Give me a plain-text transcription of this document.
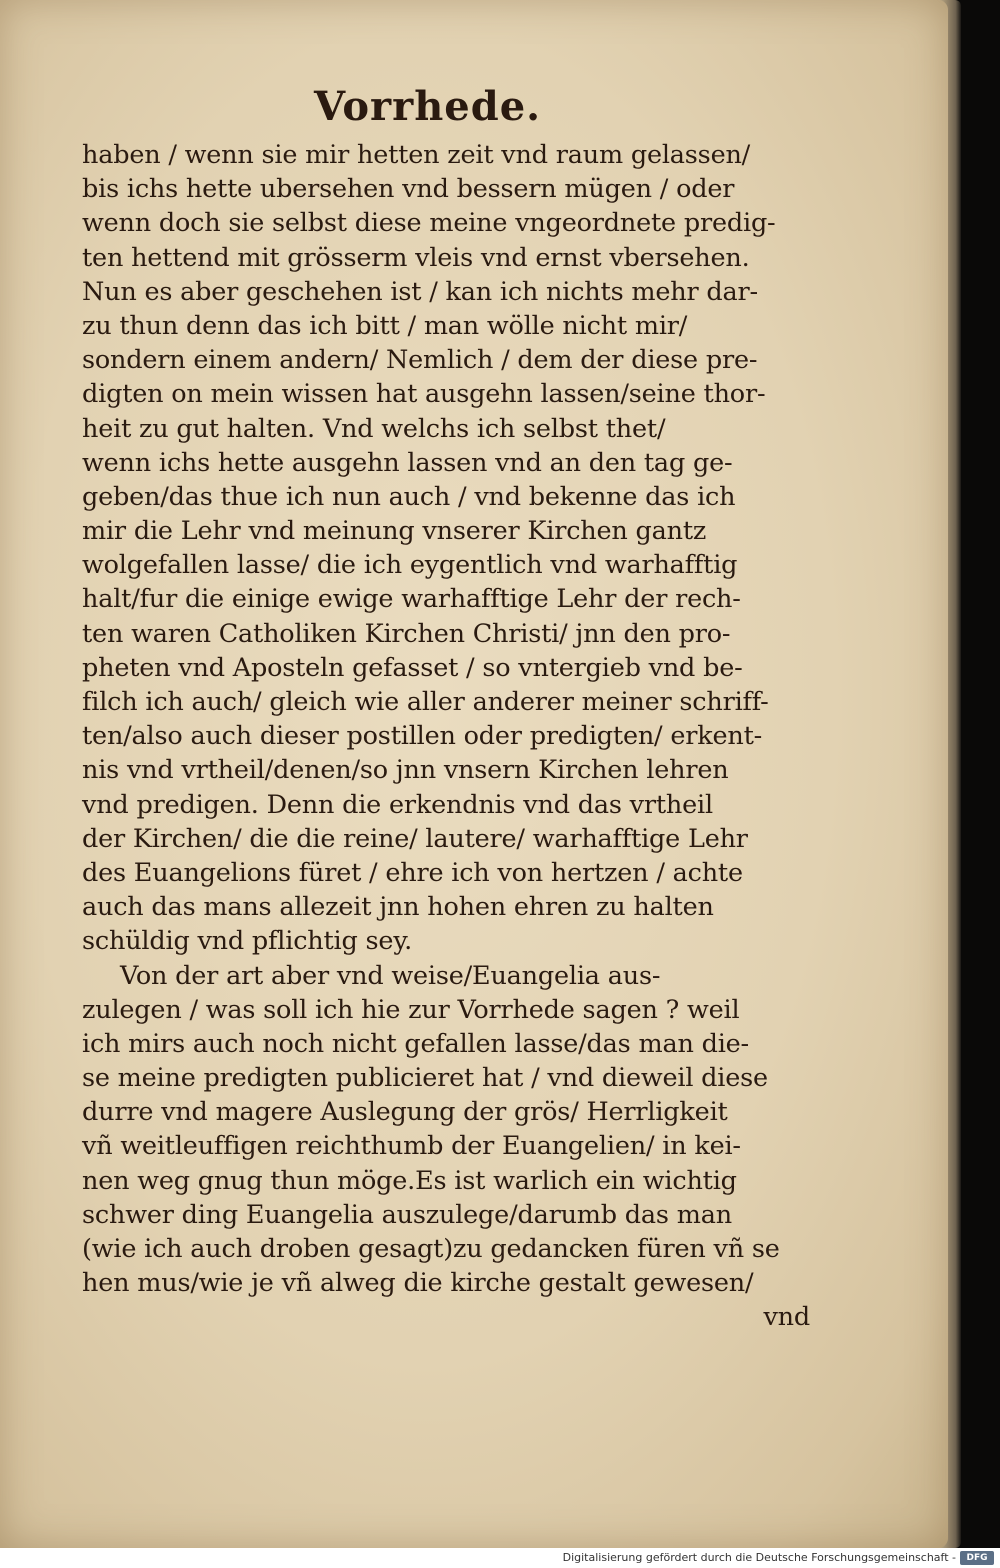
Vorrhede.
haben / wenn sie mir hetten zeit vnd raum gelassen/
bis ichs hette ubersehen vnd bessern mügen / oder
wenn doch sie selbst diese meine vngeordnete predig-
ten hettend mit grösserm vleis vnd ernst vbersehen.
Nun es aber geschehen ist / kan ich nichts mehr dar-
zu thun denn das ich bitt / man wölle nicht mir/
sondern einem andern/ Nemlich / dem der diese pre-
digten on mein wissen hat ausgehn lassen/seine thor-
heit zu gut halten. Vnd welchs ich selbst thet/
wenn ichs hette ausgehn lassen vnd an den tag ge-
geben/das thue ich nun auch / vnd bekenne das ich
mir die Lehr vnd meinung vnserer Kirchen gantz
wolgefallen lasse/ die ich eygentlich vnd warhafftig
halt/fur die einige ewige warhafftige Lehr der rech-
ten waren Catholiken Kirchen Christi/ jnn den pro-
pheten vnd Aposteln gefasset / so vntergieb vnd be-
filch ich auch/ gleich wie aller anderer meiner schriff-
ten/also auch dieser postillen oder predigten/ erkent-
nis vnd vrtheil/denen/so jnn vnsern Kirchen lehren
vnd predigen. Denn die erkendnis vnd das vrtheil
der Kirchen/ die die reine/ lautere/ warhafftige Lehr
des Euangelions füret / ehre ich von hertzen / achte
auch das mans allezeit jnn hohen ehren zu halten
schüldig vnd pflichtig sey.
Von der art aber vnd weise/Euangelia aus-
zulegen / was soll ich hie zur Vorrhede sagen ? weil
ich mirs auch noch nicht gefallen lasse/das man die-
se meine predigten publicieret hat / vnd dieweil diese
durre vnd magere Auslegung der grös/ Herrligkeit
vñ weitleuffigen reichthumb der Euangelien/ in kei-
nen weg gnug thun möge.Es ist warlich ein wichtig
schwer ding Euangelia auszulege/darumb das man
(wie ich auch droben gesagt)zu gedancken füren vñ se
hen mus/wie je vñ alweg die kirche gestalt gewesen/
vnd
Digitalisierung gefördert durch die Deutsche Forschungsgemeinschaft -	DFG
